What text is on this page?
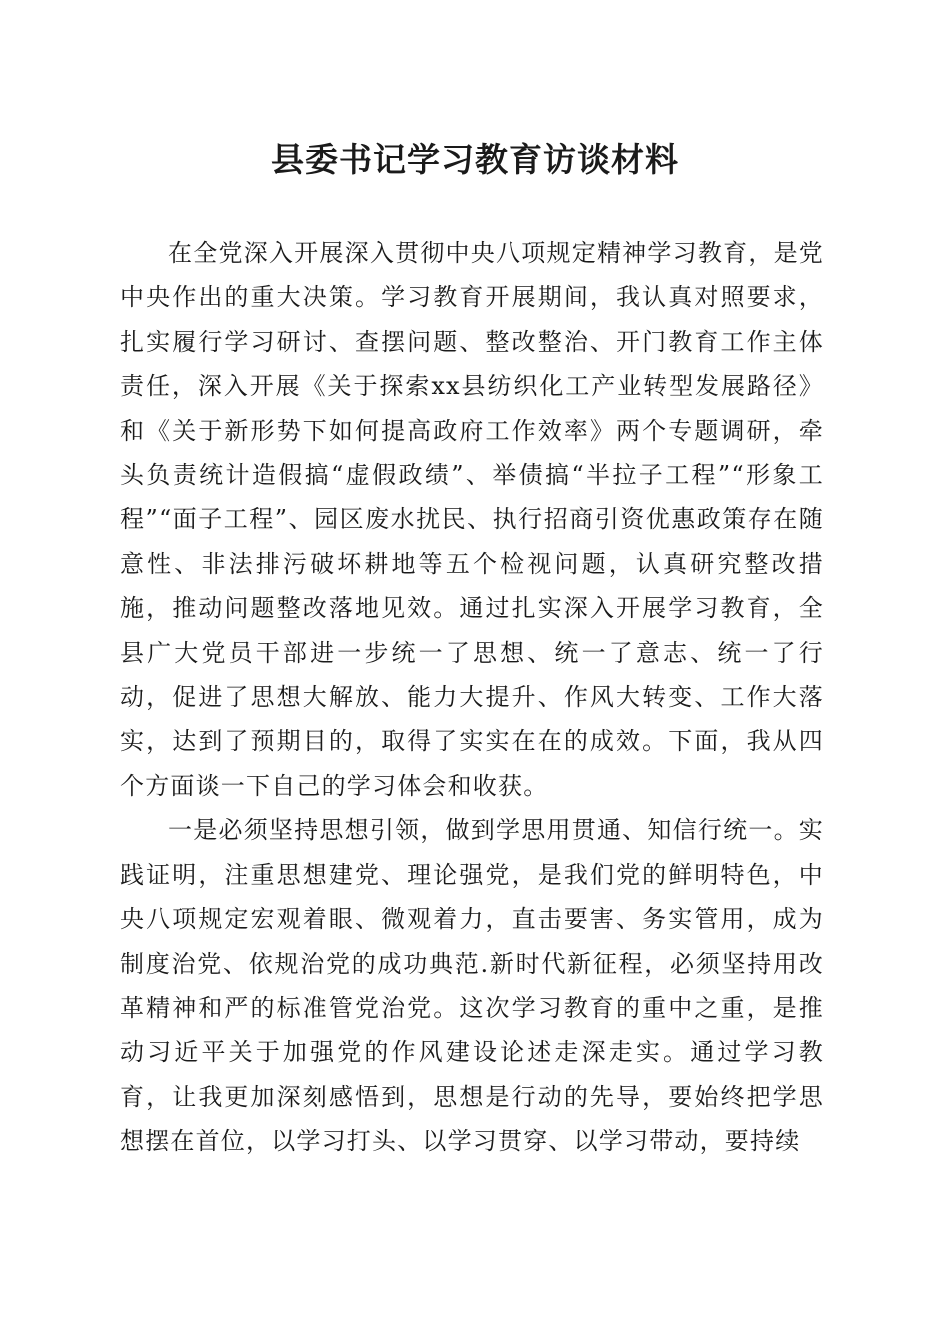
县委书记学习教育访谈材料

在全党深入开展深入贯彻中央八项规定精神学习教育，是党中央作出的重大决策。学习教育开展期间，我认真对照要求，扎实履行学习研讨、查摆问题、整改整治、开门教育工作主体责任，深入开展《关于探索xx县纺织化工产业转型发展路径》和《关于新形势下如何提高政府工作效率》两个专题调研，牵头负责统计造假搞“虚假政绩”、举债搞“半拉子工程”“形象工程”“面子工程”、园区废水扰民、执行招商引资优惠政策存在随意性、非法排污破坏耕地等五个检视问题，认真研究整改措施，推动问题整改落地见效。通过扎实深入开展学习教育，全县广大党员干部进一步统一了思想、统一了意志、统一了行动，促进了思想大解放、能力大提升、作风大转变、工作大落实，达到了预期目的，取得了实实在在的成效。下面，我从四个方面谈一下自己的学习体会和收获。

一是必须坚持思想引领，做到学思用贯通、知信行统一。实践证明，注重思想建党、理论强党，是我们党的鲜明特色，中央八项规定宏观着眼、微观着力，直击要害、务实管用，成为制度治党、依规治党的成功典范.新时代新征程，必须坚持用改革精神和严的标准管党治党。这次学习教育的重中之重，是推动习近平关于加强党的作风建设论述走深走实。通过学习教育，让我更加深刻感悟到，思想是行动的先导，要始终把学思想摆在首位，以学习打头、以学习贯穿、以学习带动，要持续
